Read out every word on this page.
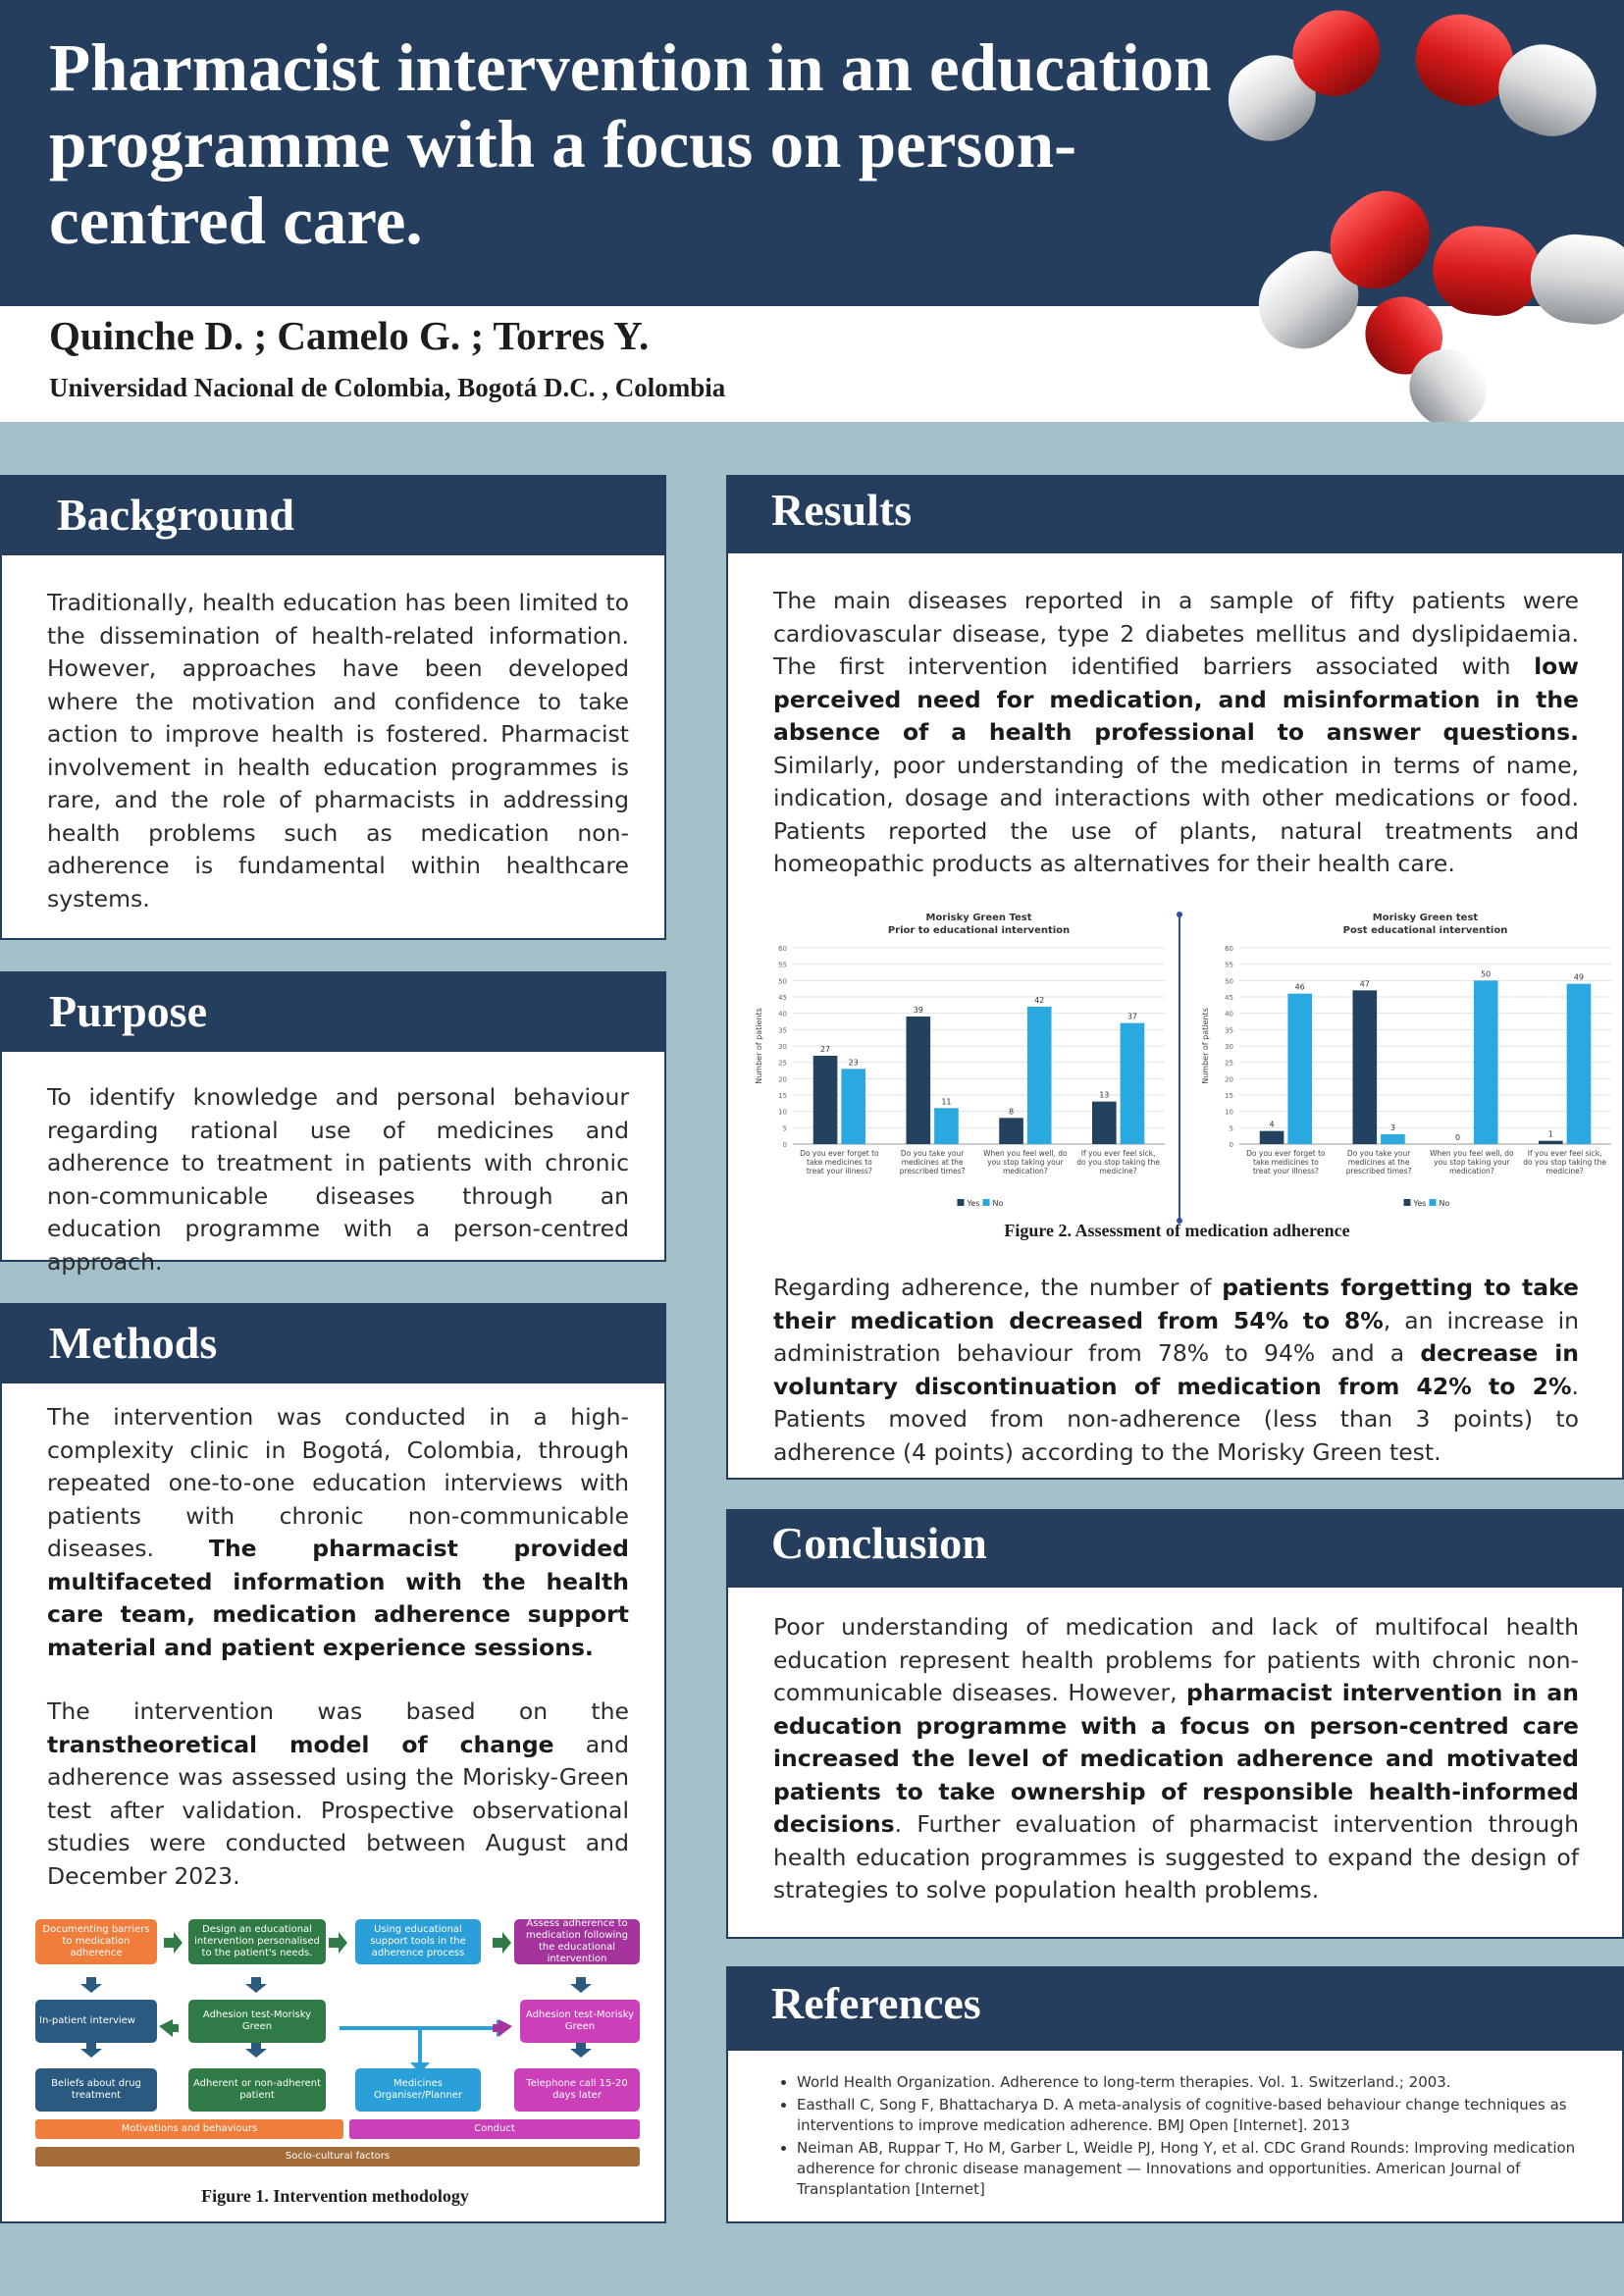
Pharmacist intervention in an education programme with a focus on person-centred care.
Quinche D. ; Camelo G. ; Torres Y.
Universidad Nacional de Colombia, Bogotá D.C. , Colombia
Background

Traditionally, health education has been limited to the dissemination of health-related information. However, approaches have been developed where the motivation and confidence to take action to improve health is fostered. Pharmacist involvement in health education programmes is rare, and the role of pharmacists in addressing health problems such as medication non-adherence is fundamental within healthcare systems.

Purpose

To identify knowledge and personal behaviour regarding rational use of medicines and adherence to treatment in patients with chronic non-communicable diseases through an education programme with a person-centred approach.

Methods

The intervention was conducted in a high-complexity clinic in Bogotá, Colombia, through repeated one-to-one education interviews with patients with chronic non-communicable diseases. The pharmacist provided multifaceted information with the health care team, medication adherence support material and patient experience sessions.

The intervention was based on the transtheoretical model of change and adherence was assessed using the Morisky-Green test after validation. Prospective observational studies were conducted between August and December 2023.

Documenting barriers to medication adherence
Design an educational intervention personalised to the patient's needs.
Using educational support tools in the adherence process
Assess adherence to medication following the educational intervention
In-patient interview
Adhesion test-Morisky Green
Adhesion test-Morisky Green
Beliefs about drug treatment
Adherent or non-adherent patient
Medicines Organiser/Planner
Telephone call 15-20 days later
Motivations and behaviours	Conduct
Socio-cultural factors
Figure 1. Intervention methodology
Results

The main diseases reported in a sample of fifty patients were cardiovascular disease, type 2 diabetes mellitus and dyslipidaemia. The first intervention identified barriers associated with low perceived need for medication, and misinformation in the absence of a health professional to answer questions. Similarly, poor understanding of the medication in terms of name, indication, dosage and interactions with other medications or food. Patients reported the use of plants, natural treatments and homeopathic products as alternatives for their health care.

Morisky Green Test
Prior to educational intervention
0
5
10
15
20
25
30
35
40
45
50
55
60
Number of patients	27
23
Do you ever forget to take medicines to treat your illness?
39
11
Do you take your medicines at the prescribed times?
8
42
When you feel well, do you stop taking your medication?
13
37
If you ever feel sick, do you stop taking the medicine?
Yes No
Morisky Green test
Post educational intervention
0
5
10
15
20
25
30
35
40
45
50
55
60
Number of patients
4
46
Do you ever forget to take medicines to treat your illness?
47
3
Do you take your medicines at the prescribed times?
0
50
When you feel well, do you stop taking your medication?
1
49
If you ever feel sick, do you stop taking the medicine?
Yes No
Figure 2. Assessment of medication adherence

Regarding adherence, the number of patients forgetting to take their medication decreased from 54% to 8%, an increase in administration behaviour from 78% to 94% and a decrease in voluntary discontinuation of medication from 42% to 2%. Patients moved from non-adherence (less than 3 points) to adherence (4 points) according to the Morisky Green test.

Conclusion

Poor understanding of medication and lack of multifocal health education represent health problems for patients with chronic non-communicable diseases. However, pharmacist intervention in an education programme with a focus on person-centred care increased the level of medication adherence and motivated patients to take ownership of responsible health-informed decisions. Further evaluation of pharmacist intervention through health education programmes is suggested to expand the design of strategies to solve population health problems.

References
• World Health Organization. Adherence to long-term therapies. Vol. 1. Switzerland.; 2003.
• Easthall C, Song F, Bhattacharya D. A meta-analysis of cognitive-based behaviour change techniques as interventions to improve medication adherence. BMJ Open [Internet]. 2013
• Neiman AB, Ruppar T, Ho M, Garber L, Weidle PJ, Hong Y, et al. CDC Grand Rounds: Improving medication adherence for chronic disease management — Innovations and opportunities. American Journal of Transplantation [Internet]
